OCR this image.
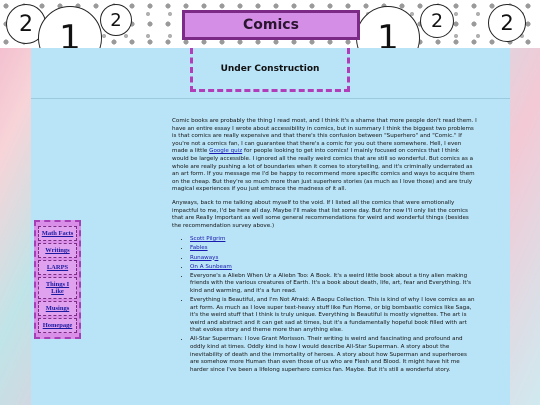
2 1 2	1 2	2
Comics
Under Construction
Math Facts
Writings
LARPS
Things I Like
Musings
Homepage

Comic books are probably the thing I read most, and I think it's a shame that more people don't read them. I have an entire essay I wrote about accessibility in comics, but in summary I think the biggest two problems is that comics are really expensive and that there's this confusion between "Superhero" and "Comic." If you're not a comics fan, I can guarantee that there's a comic for you out there somewhere. Hell, I even made a little Google quiz for people looking to get into comics! I mainly focused on comics that I think would be largely accessible. I ignored all the really weird comics that are still so wonderful. But comics as a whole are really pushing a lot of boundaries when it comes to storytelling, and it's criminally underrated as an art form. If you message me I'd be happy to recommend more specific comics and ways to acquire them on the cheap. But they're so much more than just superhero stories (as much as I love those) and are truly magical experiences if you just embrace the madness of it all.

Anyways, back to me talking about myself to the void. If I listed all the comics that were emotionally impactful to me, I'd be here all day. Maybe I'll make that list some day. But for now I'll only list the comics that are Really Important as well some general recommendations for weird and wonderful things (besides the recommendation survey above.)

• Scott Pilgrim
• Fables
• Runaways
• On A Sunbeam
• Everyone's a Aliebn When Ur a Aliebn Too: A Book. It's a weird little book about a tiny alien making friends with the various creatures of Earth. It's a book about death, life, art, fear and Everything. It's kind and warming, and it's a fun read.
• Everything is Beautiful, and I'm Not Afraid: A Baopu Collection. This is kind of why I love comics as an art form. As much as I love super text-heavy stuff like Fun Home, or big bombastic comics like Saga, it's the weird stuff that I think is truly unique. Everything is Beautiful is mostly vignettes. The art is weird and abstract and it can get sad at times, but it's a fundamentally hopeful book filled with art that evokes story and theme more than anything else.
• All-Star Superman: I love Grant Morisson. Their writing is weird and fascinating and profound and oddly kind at times. Oddly kind is how I would describe All-Star Superman. A story about the inevitability of death and the immortality of heroes. A story about how Superman and superheroes are somehow more Human than even those of us who are Flesh and Blood. It might have hit me harder since I've been a lifelong superhero comics fan. Maybe. But it's still a wonderful story.
